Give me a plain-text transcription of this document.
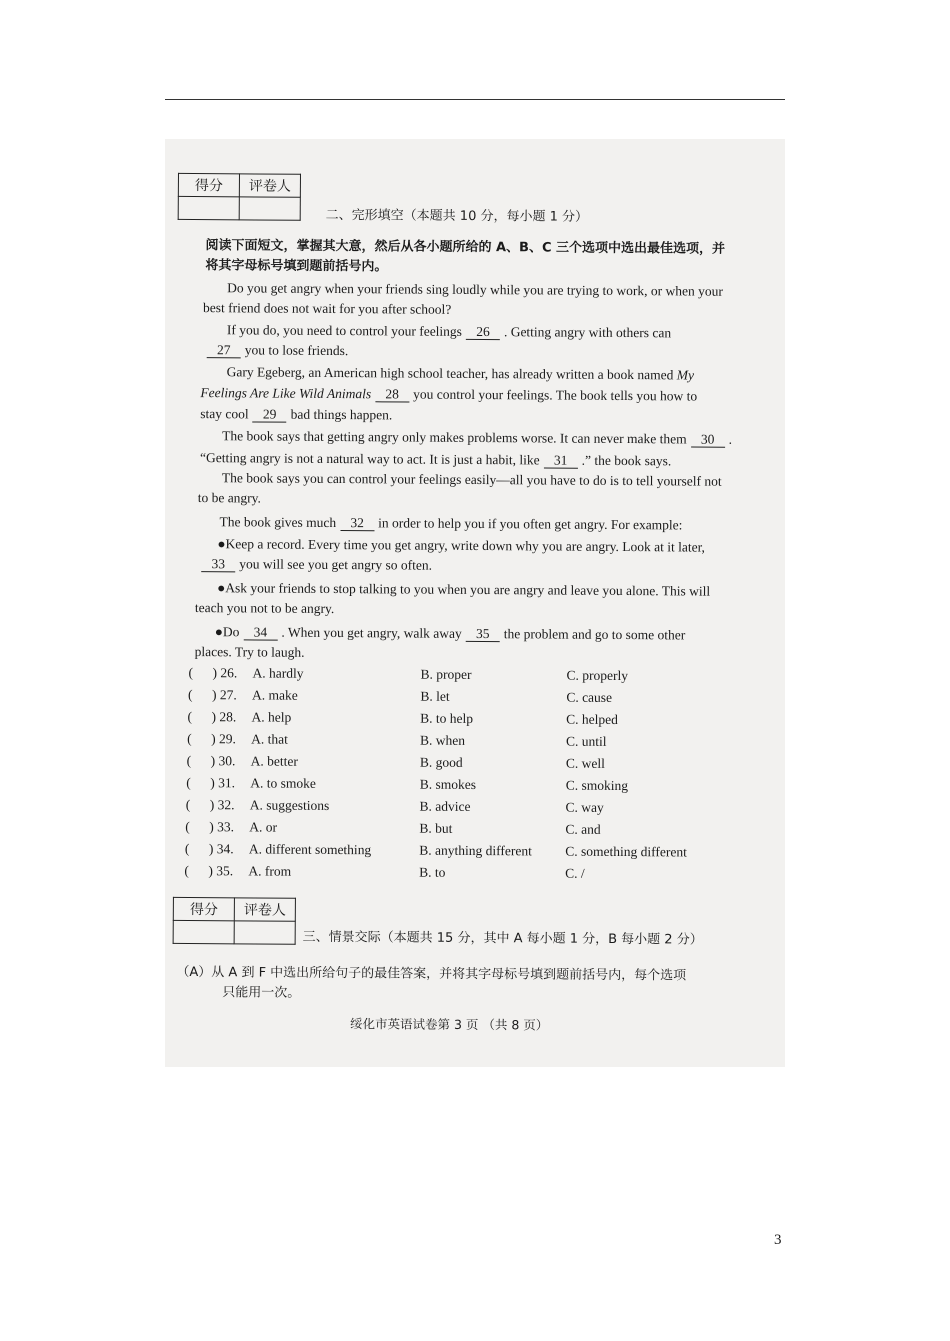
得分	评卷人

二、完形填空（本题共 10 分，每小题 1 分）
阅读下面短文，掌握其大意，然后从各小题所给的 A、B、C 三个选项中选出最佳选项，并
将其字母标号填到题前括号内。
Do you get angry when your friends sing loudly while you are trying to work, or when your
best friend does not wait for you after school?
If you do, you need to control your feelings 26 . Getting angry with others can
27 you to lose friends.
Gary Egeberg, an American high school teacher, has already written a book named My
Feelings Are Like Wild Animals 28 you control your feelings. The book tells you how to
stay cool 29 bad things happen.
The book says that getting angry only makes problems worse. It can never make them 30 .
“Getting angry is not a natural way to act. It is just a habit, like 31 .” the book says.
The book says you can control your feelings easily—all you have to do is to tell yourself not
to be angry.
The book gives much 32 in order to help you if you often get angry. For example:
●Keep a record. Every time you get angry, write down why you are angry. Look at it later,
33 you will see you get angry so often.
●Ask your friends to stop talking to you when you are angry and leave you alone. This will
teach you not to be angry.
●Do 34 . When you get angry, walk away 35 the problem and go to some other
places. Try to laugh.
( ) 26. A. hardly	B. proper	C. properly
( ) 27. A. make	B. let	C. cause
( ) 28. A. help	B. to help	C. helped
( ) 29. A. that	B. when	C. until
( ) 30. A. better	B. good	C. well
( ) 31. A. to smoke	B. smokes	C. smoking
( ) 32. A. suggestions	B. advice	C. way
( ) 33. A. or	B. but	C. and
( ) 34. A. different something	B. anything different C. something different
( ) 35. A. from	B. to	C. /
得分	评卷人

三、情景交际（本题共 15 分，其中 A 每小题 1 分，B 每小题 2 分）
（A）从 A 到 F 中选出所给句子的最佳答案，并将其字母标号填到题前括号内，每个选项
只能用一次。
绥化市英语试卷第 3 页 （共 8 页）
3
